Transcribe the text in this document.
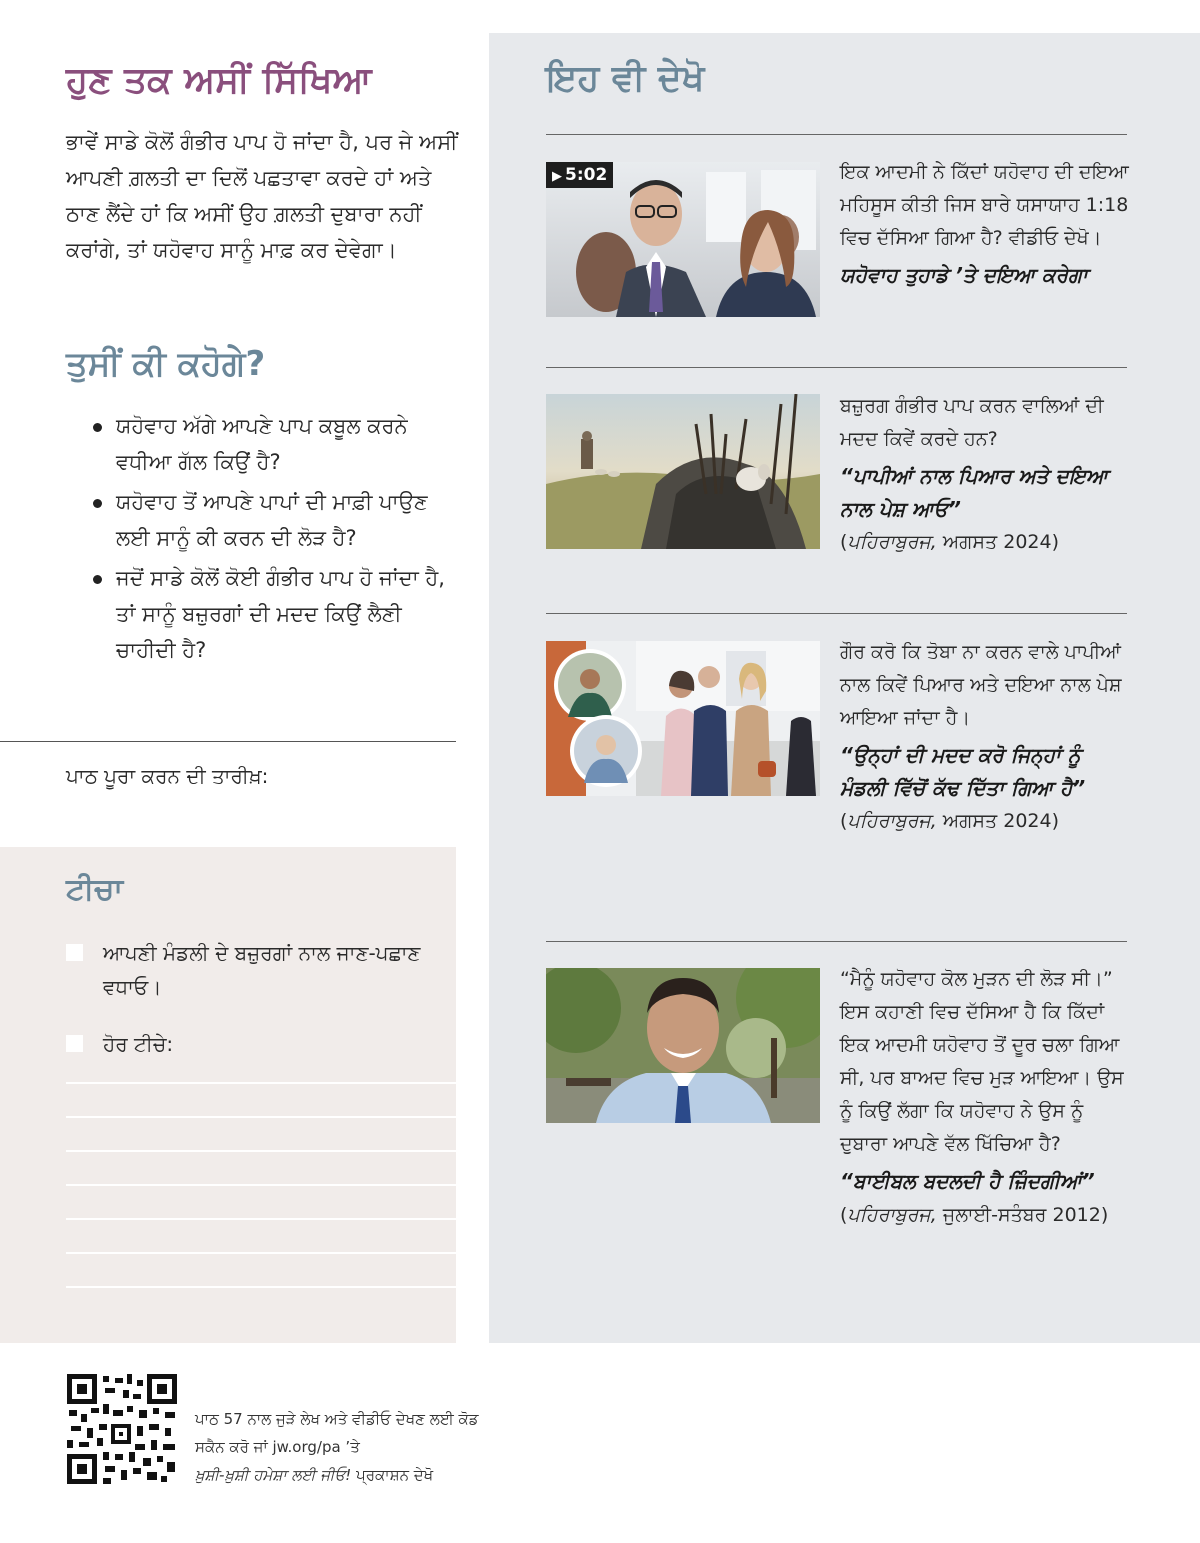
ਹੁਣ ਤਕ ਅਸੀਂ ਸਿੱਖਿਆ
ਭਾਵੇਂ ਸਾਡੇ ਕੋਲੋਂ ਗੰਭੀਰ ਪਾਪ ਹੋ ਜਾਂਦਾ ਹੈ, ਪਰ ਜੇ ਅਸੀਂ ਆਪਣੀ ਗ਼ਲਤੀ ਦਾ ਦਿਲੋਂ ਪਛਤਾਵਾ ਕਰਦੇ ਹਾਂ ਅਤੇ ਠਾਣ ਲੈਂਦੇ ਹਾਂ ਕਿ ਅਸੀਂ ਉਹ ਗ਼ਲਤੀ ਦੁਬਾਰਾ ਨਹੀਂ ਕਰਾਂਗੇ, ਤਾਂ ਯਹੋਵਾਹ ਸਾਨੂੰ ਮਾਫ਼ ਕਰ ਦੇਵੇਗਾ।
ਤੁਸੀਂ ਕੀ ਕਹੋਗੇ?
ਯਹੋਵਾਹ ਅੱਗੇ ਆਪਣੇ ਪਾਪ ਕਬੂਲ ਕਰਨੇ ਵਧੀਆ ਗੱਲ ਕਿਉਂ ਹੈ?
ਯਹੋਵਾਹ ਤੋਂ ਆਪਣੇ ਪਾਪਾਂ ਦੀ ਮਾਫ਼ੀ ਪਾਉਣ ਲਈ ਸਾਨੂੰ ਕੀ ਕਰਨ ਦੀ ਲੋੜ ਹੈ?
ਜਦੋਂ ਸਾਡੇ ਕੋਲੋਂ ਕੋਈ ਗੰਭੀਰ ਪਾਪ ਹੋ ਜਾਂਦਾ ਹੈ, ਤਾਂ ਸਾਨੂੰ ਬਜ਼ੁਰਗਾਂ ਦੀ ਮਦਦ ਕਿਉਂ ਲੈਣੀ ਚਾਹੀਦੀ ਹੈ?
ਪਾਠ ਪੂਰਾ ਕਰਨ ਦੀ ਤਾਰੀਖ਼:
ਟੀਚਾ
ਆਪਣੀ ਮੰਡਲੀ ਦੇ ਬਜ਼ੁਰਗਾਂ ਨਾਲ ਜਾਣ-ਪਛਾਣ ਵਧਾਓ।
ਹੋਰ ਟੀਚੇ:
ਇਹ ਵੀ ਦੇਖੋ
▶ 5:02	ਇਕ ਆਦਮੀ ਨੇ ਕਿੱਦਾਂ ਯਹੋਵਾਹ ਦੀ ਦਇਆ ਮਹਿਸੂਸ ਕੀਤੀ ਜਿਸ ਬਾਰੇ ਯਸਾਯਾਹ 1:18 ਵਿਚ ਦੱਸਿਆ ਗਿਆ ਹੈ? ਵੀਡੀਓ ਦੇਖੋ।
ਯਹੋਵਾਹ ਤੁਹਾਡੇ ’ਤੇ ਦਇਆ ਕਰੇਗਾ
ਬਜ਼ੁਰਗ ਗੰਭੀਰ ਪਾਪ ਕਰਨ ਵਾਲਿਆਂ ਦੀ ਮਦਦ ਕਿਵੇਂ ਕਰਦੇ ਹਨ?
“ਪਾਪੀਆਂ ਨਾਲ ਪਿਆਰ ਅਤੇ ਦਇਆ ਨਾਲ ਪੇਸ਼ ਆਓ”
(ਪਹਿਰਾਬੁਰਜ, ਅਗਸਤ 2024)
ਗੌਰ ਕਰੋ ਕਿ ਤੋਬਾ ਨਾ ਕਰਨ ਵਾਲੇ ਪਾਪੀਆਂ ਨਾਲ ਕਿਵੇਂ ਪਿਆਰ ਅਤੇ ਦਇਆ ਨਾਲ ਪੇਸ਼ ਆਇਆ ਜਾਂਦਾ ਹੈ।
“ਉਨ੍ਹਾਂ ਦੀ ਮਦਦ ਕਰੋ ਜਿਨ੍ਹਾਂ ਨੂੰ ਮੰਡਲੀ ਵਿੱਚੋਂ ਕੱਢ ਦਿੱਤਾ ਗਿਆ ਹੈ”
(ਪਹਿਰਾਬੁਰਜ, ਅਗਸਤ 2024)
“ਮੈਨੂੰ ਯਹੋਵਾਹ ਕੋਲ ਮੁੜਨ ਦੀ ਲੋੜ ਸੀ।” ਇਸ ਕਹਾਣੀ ਵਿਚ ਦੱਸਿਆ ਹੈ ਕਿ ਕਿੱਦਾਂ ਇਕ ਆਦਮੀ ਯਹੋਵਾਹ ਤੋਂ ਦੂਰ ਚਲਾ ਗਿਆ ਸੀ, ਪਰ ਬਾਅਦ ਵਿਚ ਮੁੜ ਆਇਆ। ਉਸ ਨੂੰ ਕਿਉਂ ਲੱਗਾ ਕਿ ਯਹੋਵਾਹ ਨੇ ਉਸ ਨੂੰ ਦੁਬਾਰਾ ਆਪਣੇ ਵੱਲ ਖਿੱਚਿਆ ਹੈ?
“ਬਾਈਬਲ ਬਦਲਦੀ ਹੈ ਜ਼ਿੰਦਗੀਆਂ” (ਪਹਿਰਾਬੁਰਜ, ਜੁਲਾਈ-ਸਤੰਬਰ 2012)
ਪਾਠ 57 ਨਾਲ ਜੁੜੇ ਲੇਖ ਅਤੇ ਵੀਡੀਓ ਦੇਖਣ ਲਈ ਕੋਡ ਸਕੈਨ ਕਰੋ ਜਾਂ jw.org/pa ’ਤੇ
ਖ਼ੁਸ਼ੀ-ਖ਼ੁਸ਼ੀ ਹਮੇਸ਼ਾ ਲਈ ਜੀਓ! ਪ੍ਰਕਾਸ਼ਨ ਦੇਖੋ
